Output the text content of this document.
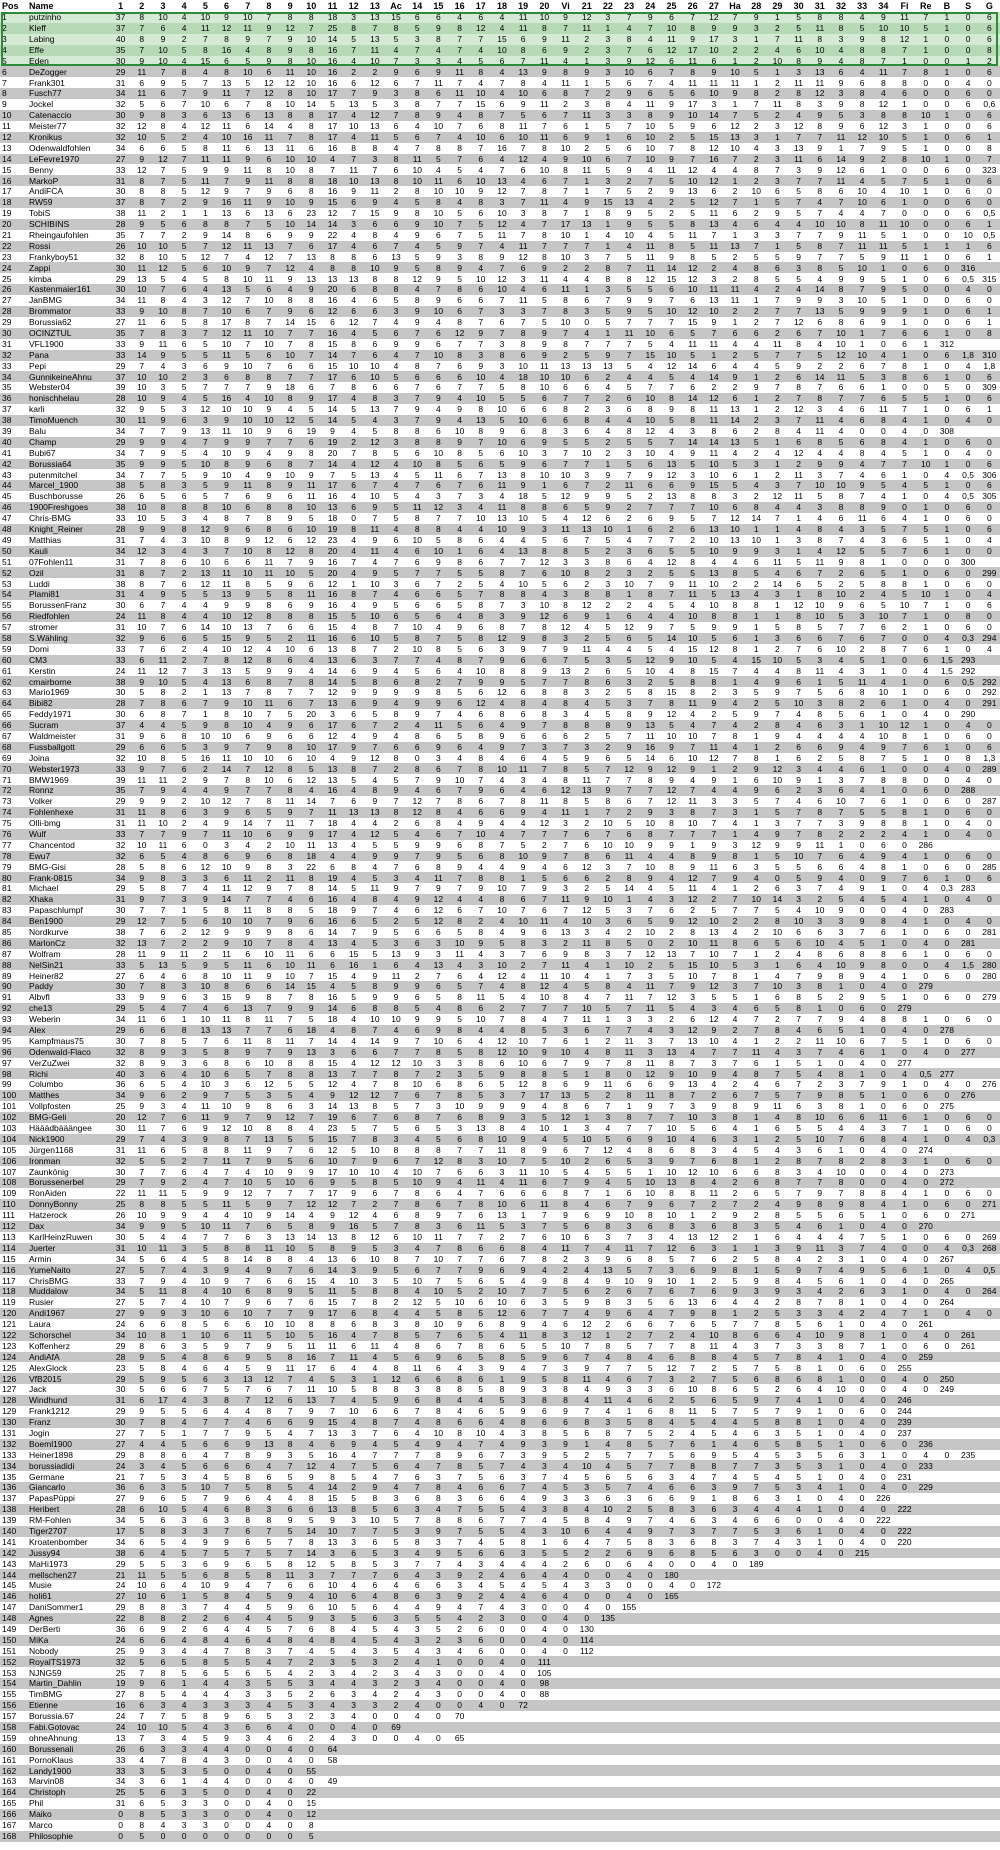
Pos	Name	1	2	3	4	5	6	7	8	9	10	11	12	13	Ac	14	15	16	17	18	19	20	Vi	21	22	23	24	25	26	27	Ha	28	29	30	31	32	33	34	Fi	Re	B	S	G
1	putzinho	37	8	10	4	10	9	10	7	8	8	18	3	13	15	6	6	4	6	4	11	10	9	12	3	7	9	6	7	12	7	9	1	5	8	8	4	9	11	7	1	0	6
2	Kleff	37	7	6	4	11	12	11	9	12	7	25	8	7	8	5	9	8	12	4	11	8	7	11	1	4	7	10	8	9	9	3	2	5	11	8	5	10	10	5	1	0	6
3	Labing	40	8	9	2	7	8	9	7	9	10	14	5	13	5	3	8	7	7	15	6	9	11	2	3	8	4	11	9	17	3	1	7	11	8	3	9	8	12	1	0	0	6
4	Effe	35	7	10	5	8	16	4	8	9	8	16	7	11	4	7	4	7	4	10	8	6	9	2	3	7	6	12	17	10	2	2	4	6	10	4	8	8	7	1	0	0	8
5	Eden	30	9	10	4	15	6	5	9	8	10	16	4	10	7	3	3	4	5	6	7	11	4	1	3	9	12	6	11	6	1	2	10	8	9	4	8	7	1	0	0	1	2
6	DeZogger	29	11	7	8	4	8	10	6	11	10	16	2	2	9	6	9	11	8	4	13	9	8	9	3	10	6	7	8	9	10	5	1	3	13	6	4	11	7	8	1	0	6
7	Frank301	31	6	9	5	7	13	5	12	12	10	16	6	12	6	7	11	7	4	7	8	4	11	1	5	6	7	4	11	11	11	1	2	11	11	9	6	8	8	0	0	4	0
8	Fusch77	34	11	6	7	9	11	7	12	8	10	17	7	9	3	8	6	11	10	4	10	6	8	7	2	9	6	5	6	10	9	8	2	8	12	3	8	4	6	0	0	6	0
9	Jockel	32	5	6	7	10	6	7	8	10	14	5	13	5	3	8	7	7	15	6	9	11	2	3	8	4	11	9	17	3	1	7	11	8	3	9	8	12	1	0	0	6	0,6
10	Catenaccio	30	9	8	3	6	13	6	13	8	8	17	4	12	7	8	9	4	8	7	5	6	7	11	3	3	8	9	10	14	7	5	2	4	9	5	3	8	8	10	1	0	6
11	Meister77	32	12	8	4	12	11	6	14	4	8	17	10	13	6	4	10	7	6	8	11	7	6	1	5	7	10	5	9	6	12	2	3	12	8	9	6	12	3	1	0	0	6
12	Kronikus	32	10	5	2	4	10	16	11	7	8	17	4	11	5	6	7	4	10	6	10	11	6	9	1	6	10	2	5	15	13	3	1	7	7	11	12	10	5	1	0	6	1
13	Odenwaldfohlen	34	6	6	5	8	11	6	13	11	6	16	8	8	4	7	8	8	7	16	7	8	10	2	5	6	10	7	8	12	10	4	3	13	9	1	7	9	5	1	0	0	8
14	LeFevre1970	27	9	12	7	11	11	9	6	10	10	4	7	3	8	11	5	7	6	4	12	4	9	10	6	7	10	9	7	16	7	2	3	11	6	14	9	2	8	10	1	0	7
15	Benny	33	12	7	5	9	9	11	8	10	8	7	11	7	6	10	4	5	4	7	6	10	8	11	5	9	4	11	12	4	4	8	7	3	9	12	6	1	0	0	6	0	323
16	MarkoP	31	8	7	5	11	7	9	11	8	8	18	10	13	8	10	11	6	10	13	4	6	7	1	3	2	7	5	10	12	1	2	3	7	7	11	4	5	7	5	1	0	6
17	AndiFCA	30	8	8	5	12	9	7	9	6	8	16	9	11	2	8	10	10	9	12	7	8	7	1	7	5	2	9	13	6	2	10	6	5	8	6	10	4	10	1	0	6	0
18	RW59	37	8	7	2	9	16	11	9	10	9	15	6	9	4	5	8	4	8	3	7	11	4	9	15	13	4	2	5	12	7	1	5	7	4	7	10	6	1	0	0	6	0
19	TobiS	38	11	2	1	1	13	6	13	6	23	12	7	15	9	8	10	5	6	10	3	8	7	1	8	9	5	2	5	11	6	2	9	5	7	4	4	7	0	0	0	6	0,5
20	SCHIBINS	28	9	5	6	8	8	7	5	10	14	14	3	6	6	9	10	7	5	12	4	7	17	13	1	9	5	5	8	13	4	6	4	4	10	10	8	11	10	0	0	6	1
21	Rheingaufohlen	35	7	7	2	9	14	8	6	9	9	22	4	8	4	9	6	7	5	11	7	8	10	1	4	10	4	5	11	7	1	3	3	7	7	9	11	5	1	0	0	10	0,5
22	Rossi	26	10	10	5	7	12	11	13	7	6	17	4	6	7	4	5	9	7	4	11	7	7	7	1	4	11	8	5	11	13	7	1	5	8	7	11	11	5	1	1	1	6
23	Frankyboy51	32	8	10	5	12	7	4	12	7	13	8	8	6	13	5	9	3	8	9	12	8	10	3	7	5	11	9	8	5	2	5	5	9	7	7	5	9	11	1	0	6	1
24	Zappi	30	11	12	5	6	10	9	7	12	4	8	8	10	9	5	8	9	4	7	6	9	2	2	8	7	11	14	12	2	4	8	6	3	8	5	10	1	0	6	0	316	
25	kimba	29	13	5	4	5	8	10	11	9	13	13	13	8	8	12	9	5	10	12	3	11	4	4	8	8	12	15	12	3	2	8	5	5	4	9	9	5	1	0	6	0,5	315
26	Kastenmaier161	30	10	7	6	4	13	5	6	4	9	20	6	8	8	4	7	8	6	10	4	6	11	1	3	5	5	6	10	11	11	4	2	4	14	8	7	9	5	0	0	4	0
27	JanBMG	34	11	8	4	3	12	7	10	8	8	16	4	6	5	8	9	6	6	7	11	5	8	6	7	9	9	7	6	13	11	1	7	9	9	3	10	5	1	0	0	6	0
28	Brommator	33	9	10	8	7	10	6	7	9	6	12	6	6	3	9	10	6	7	3	3	7	8	3	5	9	5	10	12	10	2	2	7	7	13	5	9	9	9	1	0	6	1
29	Borussia62	27	11	6	5	8	17	8	7	14	15	6	12	7	4	9	4	8	7	6	7	5	10	0	5	7	7	7	15	9	1	2	7	12	6	8	6	9	1	0	0	6	1
30	OCINZTUL	35	7	8	3	7	12	11	10	7	7	16	4	5	6	7	6	12	9	7	8	9	7	4	1	11	10	6	5	7	6	6	2	6	7	10	1	7	6	6	1	0	8
31	VFL1900	33	9	11	6	5	10	7	10	7	8	15	8	6	9	9	6	7	7	3	8	9	8	7	7	7	5	4	11	11	4	4	11	8	4	10	1	0	6	1	312		
32	Pana	33	14	9	5	5	11	5	6	10	7	14	7	6	4	7	10	8	3	8	6	9	2	5	9	7	15	10	5	1	2	5	7	7	5	12	10	4	1	0	6	1,8	310
33	Pepi	29	7	4	3	6	9	10	7	6	6	15	10	10	4	8	7	6	9	3	10	11	13	13	13	5	4	12	14	6	4	4	5	9	2	2	6	7	8	1	0	4	1,8
34	GunnikeineAhnu	37	10	10	2	3	6	8	8	7	7	17	6	10	5	6	6	6	10	4	18	10	10	6	2	4	4	5	4	14	9	1	2	6	14	11	5	3	8	6	1	0	6
35	Webster04	39	10	3	5	7	7	7	9	18	6	7	8	6	6	7	6	7	7	5	8	10	6	6	4	5	7	7	6	2	2	9	7	8	7	6	6	1	0	0	5	0	309
36	honischhelau	28	10	9	4	5	16	4	10	8	9	17	4	8	3	7	9	4	10	5	5	6	7	7	2	6	10	8	14	12	6	1	2	7	8	7	7	6	5	5	1	0	6
37	karli	32	9	5	3	12	10	10	9	4	5	14	5	13	7	9	4	9	8	10	6	6	8	2	3	6	8	9	8	11	13	1	2	12	3	4	6	11	7	1	0	6	1
38	TimoMuench	30	11	9	6	3	9	10	10	12	5	14	5	4	3	7	9	4	13	5	10	6	6	8	4	4	10	5	8	11	14	2	3	7	11	4	6	8	4	1	0	4	0
39	Balu	34	7	7	9	13	11	10	9	6	19	9	4	5	8	8	6	10	8	9	6	8	3	6	4	8	12	4	3	8	6	2	8	4	11	4	0	0	4	0	308		
40	Champ	29	9	9	4	7	9	9	7	7	6	19	2	12	3	8	8	9	7	10	6	9	5	5	2	5	5	7	14	14	13	5	1	6	8	5	6	8	4	1	0	6	0
41	Bubi67	34	7	9	5	4	10	9	4	9	8	20	7	8	5	6	10	8	5	6	10	3	7	10	2	3	10	4	9	11	4	2	4	12	4	4	8	4	5	1	0	4	0
42	Borussia64	35	9	9	5	10	8	9	6	8	7	14	4	12	4	10	8	5	6	5	9	6	7	7	1	5	6	13	5	10	5	3	1	2	9	9	4	7	7	10	1	0	6
43	putenmitchel	34	7	7	5	9	10	4	9	10	9	7	5	13	4	5	11	6	7	13	8	10	10	3	9	7	9	12	3	10	6	1	2	11	3	7	4	6	1	0	4	0,5	306
44	Marcel_1900	38	5	8	3	5	9	11	8	9	11	17	6	7	4	7	6	7	6	11	9	1	6	7	2	11	6	6	9	15	5	4	3	7	10	10	9	5	4	5	1	0	6
45	Buschborusse	26	6	5	6	5	7	6	9	6	11	16	4	10	5	4	3	7	3	4	18	5	12	9	9	5	2	13	8	8	3	2	12	11	5	8	7	4	1	0	4	0,5	305
46	1900Freshgoes	38	10	8	8	8	10	6	8	8	10	13	6	9	5	11	12	3	4	11	8	8	6	5	9	2	7	7	7	10	6	8	4	4	3	8	8	9	0	1	0	6	0
47	Chris-BMG	33	10	5	3	4	8	7	8	9	5	18	0	7	5	8	7	7	10	13	10	5	4	12	6	2	6	9	5	7	12	14	7	1	4	6	11	6	4	1	0	6	0
48	Knight_Reiner	28	9	9	8	12	9	6	8	6	10	19	8	11	4	8	8	4	4	10	9	3	11	13	10	1	6	2	6	13	10	1	1	4	8	4	3	5	7	5	1	0	6
49	Matthias	31	7	4	3	10	8	9	12	6	12	23	4	9	6	10	5	8	6	4	4	5	6	7	5	4	7	7	2	10	13	10	1	3	8	7	4	3	6	5	1	0	4
50	Kauli	34	12	3	4	3	7	10	8	12	8	20	4	11	4	6	10	1	6	4	13	8	8	5	2	3	6	5	5	10	9	9	3	1	4	12	5	5	7	6	1	0	0
51	07Fohlen11	31	7	8	6	10	6	6	11	7	9	16	7	4	7	6	9	8	6	7	7	12	3	3	8	6	4	12	8	4	4	6	11	5	11	9	8	1	0	0	0	300	
52	Ozil	31	8	7	2	13	11	10	11	10	5	20	4	9	5	7	7	5	5	8	7	6	10	8	2	3	2	5	5	13	8	5	4	6	7	2	6	5	1	0	6	0	299
53	Luddi	38	8	7	6	12	11	8	5	9	6	12	1	10	3	6	7	2	5	4	10	5	6	2	3	10	7	9	11	10	2	2	14	6	5	2	5	8	8	1	0	6	0
54	Plami81	31	4	9	5	5	13	9	5	8	11	16	8	7	4	6	6	5	7	8	8	4	3	8	8	1	8	7	11	5	13	4	3	1	8	10	2	4	5	10	1	0	4
55	BorussenFranz	30	6	7	4	4	9	9	8	6	9	16	4	9	5	6	6	5	8	7	3	10	8	12	2	2	4	5	4	10	8	8	1	12	10	9	6	5	10	7	1	0	6
56	Riedfohlen	24	11	8	4	4	10	12	8	8	8	15	5	10	6	5	6	4	8	3	9	12	6	9	1	6	4	4	10	8	8	1	1	8	10	5	3	10	7	1	0	8	0
57	stromer	31	10	7	6	14	10	13	7	6	6	15	4	8	7	10	4	9	6	8	7	8	12	4	5	12	9	7	5	9	9	1	5	8	5	7	7	6	2	1	0	6	0
58	S.Wähling	32	9	6	6	5	15	9	5	2	11	16	6	10	5	8	7	5	8	12	9	8	3	2	5	6	5	14	10	5	6	1	3	6	6	7	6	7	0	0	4	0,3	294
59	Domi	33	7	6	2	4	10	12	4	10	6	13	8	7	2	10	8	5	6	3	9	7	9	11	4	4	5	4	15	12	8	1	2	7	6	10	2	8	7	6	1	0	4
60	CM3	33	6	11	2	7	8	12	8	6	4	13	6	3	7	7	4	8	7	9	6	6	7	5	3	5	12	9	10	5	4	15	10	5	3	4	5	1	0	6	1,5	293	
61	Kerstin	24	11	12	7	3	13	5	9	9	4	14	6	9	4	5	6	4	10	8	8	9	13	2	6	5	10	4	8	15	7	4	4	8	11	4	3	1	0	4	1,5	292	
62	cmairborne	38	9	10	5	4	13	6	8	7	8	14	5	8	6	8	2	7	9	9	5	7	7	8	6	3	2	5	8	8	1	4	9	6	1	5	11	4	1	0	6	0,5	292
63	Mario1969	30	5	8	2	1	13	7	8	7	7	12	9	9	9	9	8	5	6	12	6	8	8	3	2	5	8	15	8	2	3	5	9	7	5	6	8	10	1	0	6	0	292
64	Bibi82	28	7	8	6	7	9	10	11	6	7	13	6	9	4	9	9	6	12	4	8	4	8	4	5	3	7	8	11	9	4	2	5	10	3	8	2	6	1	0	4	0	291
65	Feddy1971	30	6	8	7	1	8	10	7	5	20	3	6	5	8	9	7	4	6	8	6	8	3	4	5	8	9	12	4	2	5	9	7	4	8	5	6	1	0	4	0	290	
66	Sucram	37	4	4	5	9	8	10	4	9	6	17	6	7	2	4	11	5	6	4	9	7	8	8	8	9	13	5	4	7	4	2	8	4	6	3	1	10	12	1	0	4	0
67	Waldmeister	31	9	6	8	10	10	6	9	6	6	12	4	9	4	8	6	5	8	9	6	6	6	2	5	7	11	10	10	7	8	1	9	4	4	4	4	10	8	1	0	6	0
68	Fussballgott	29	6	6	5	3	9	7	9	8	10	17	9	7	6	6	9	6	4	9	7	3	7	3	2	9	16	9	7	11	4	1	2	6	6	9	4	9	7	6	1	0	6
69	Joina	32	10	8	5	16	11	10	10	6	10	4	9	12	8	0	3	4	8	4	6	4	5	9	6	5	14	6	10	12	7	8	1	6	2	5	8	7	5	1	0	8	1,3
70	Webster1973	33	9	7	6	2	14	7	12	8	5	13	8	7	2	8	6	7	8	10	11	7	8	5	7	12	9	12	9	1	2	9	12	3	4	4	6	1	0	0	4	0	289
71	BMW1969	39	11	11	2	9	7	8	10	6	12	13	5	4	5	7	9	10	7	4	3	4	8	11	7	7	8	9	4	9	1	6	10	9	1	3	7	8	8	0	0	4	0
72	Ronnz	35	7	9	4	4	9	7	7	8	4	16	4	8	9	4	6	7	9	6	4	6	12	13	9	7	7	12	7	4	4	9	6	2	3	6	4	1	0	6	0	288	
73	Volker	29	9	9	2	10	12	7	8	11	14	7	6	9	7	12	7	8	6	7	8	11	8	5	8	6	7	12	11	3	3	5	7	4	6	10	7	6	1	0	6	0	287
74	Fohlenhexe	31	11	8	6	3	9	6	5	9	7	11	13	13	8	12	8	4	6	6	9	4	11	1	7	2	9	3	8	7	3	1	5	7	8	7	5	5	8	1	0	6	0
75	Olli-bmg	31	11	10	2	4	9	14	7	11	7	18	4	4	2	6	8	4	9	4	4	12	3	2	10	5	10	8	10	7	4	1	3	7	7	3	9	8	8	1	0	4	0
76	Wulf	33	7	7	9	7	11	10	6	9	9	17	4	12	5	4	6	7	10	4	7	7	7	6	7	6	8	7	7	7	1	4	9	7	8	2	2	2	4	1	0	4	0
77	Chancentod	32	10	11	6	0	3	4	2	10	11	13	4	5	5	9	9	6	8	7	5	2	7	6	10	10	9	9	1	9	3	12	9	9	11	1	0	6	0	286			
78	Ewu7	32	6	5	4	8	6	9	6	8	18	4	4	9	9	7	9	5	6	8	10	9	7	8	6	11	4	4	8	9	8	1	5	10	7	6	4	9	4	1	0	6	0
79	BMG-Gisi	28	5	8	6	12	10	9	8	3	22	6	8	4	7	6	8	9	4	4	9	4	6	12	3	7	10	8	9	11	6	3	5	5	6	6	4	8	1	0	6	0	285
80	Frank-0815	34	9	8	3	3	6	11	2	11	8	19	4	5	3	4	11	7	8	8	1	5	6	6	2	8	9	4	12	7	9	4	0	5	9	4	0	9	7	6	1	0	6
81	Michael	29	5	8	7	4	11	12	9	7	8	14	5	11	9	7	9	7	9	10	7	9	3	2	5	14	4	5	11	4	1	2	6	3	7	4	9	1	0	4	0,3	283	
82	Xhaka	31	9	7	3	9	14	7	7	4	6	16	4	8	4	9	12	4	4	8	6	7	11	9	10	1	4	3	12	2	7	10	14	3	2	5	4	5	4	1	0	4	0
83	Papaschlumpf	30	7	7	1	5	8	11	8	8	5	18	9	7	4	6	12	6	7	10	7	6	7	12	5	3	7	6	2	5	7	7	5	4	10	9	0	0	4	0	283		
84	Ben1900	29	12	7	5	6	10	10	7	9	6	16	6	5	2	5	12	8	2	4	10	11	4	10	3	6	5	9	12	10	2	2	8	10	3	3	9	8	4	1	0	4	0
85	Nordkurve	38	7	6	2	12	9	9	9	8	6	14	7	9	5	6	6	5	8	4	9	6	13	3	4	2	10	2	8	13	4	2	10	6	6	3	7	6	1	0	6	0	281
86	MarlonCz	32	13	7	2	2	9	10	7	8	4	13	4	5	3	6	3	10	9	5	8	3	2	11	8	5	0	2	10	11	8	6	5	6	10	4	5	1	0	4	0	281	
87	Wolfram	28	11	9	11	2	11	6	10	11	6	6	15	5	13	9	3	11	4	3	7	6	9	8	3	7	12	13	7	10	7	1	2	4	8	6	8	8	6	1	0	6	0
88	NelSin21	33	5	13	5	9	5	11	6	10	11	6	16	1	6	4	13	4	3	10	2	7	11	4	1	10	2	5	15	10	5	3	1	6	4	10	9	8	0	0	4	1,5	280
89	Heiner82	27	6	4	6	8	10	11	9	10	7	15	4	9	11	2	7	6	4	12	4	11	10	4	1	7	3	5	10	7	8	1	4	7	9	8	9	4	1	0	6	0	280
90	Paddy	30	7	8	3	10	8	6	6	14	15	4	5	8	9	9	6	5	7	4	8	12	4	5	8	4	11	7	9	12	3	7	10	3	8	1	0	4	0	279			
91	Albvfl	33	9	9	6	3	15	9	8	7	8	16	5	9	9	6	5	8	11	5	4	10	8	4	7	11	7	12	3	5	5	1	6	8	5	2	9	5	1	0	6	0	279
92	che13	29	5	4	7	4	6	13	7	9	9	14	6	8	8	5	4	8	6	2	7	7	7	10	5	7	11	5	4	3	4	6	5	8	1	0	6	0	279				
93	Weberin	34	11	6	1	10	11	8	11	7	5	18	4	10	10	9	9	5	10	7	8	4	7	11	1	3	3	2	6	12	4	7	2	7	7	9	4	8	8	1	0	6	0
94	Alex	29	6	6	8	13	13	7	7	6	18	4	8	7	4	6	9	8	4	4	8	5	3	6	7	7	4	3	12	9	2	7	8	4	6	5	1	0	4	0	278		
95	Kampfmaus75	30	7	8	5	7	6	11	8	11	7	14	4	14	9	7	10	6	4	12	10	7	6	1	2	11	3	7	13	10	4	1	2	2	11	10	6	7	5	1	0	6	0
96	Odenwald-Flaco	32	8	9	3	5	8	9	7	9	13	3	6	6	7	7	8	5	8	12	10	9	10	4	8	11	3	13	4	7	7	11	4	3	7	4	6	1	0	4	0	277	
97	VerZuZwei	32	8	9	3	6	8	6	10	8	8	15	4	12	12	10	3	3	8	6	10	6	7	9	7	8	11	8	7	3	7	6	1	5	1	0	4	0	277				
98	Richi	40	3	6	4	10	6	5	7	8	8	13	7	7	8	7	2	3	5	9	8	8	5	1	8	0	12	9	10	9	4	8	7	5	4	8	1	0	4	0,5	277		
99	Columbo	36	6	5	4	10	3	6	12	5	5	12	4	7	8	10	6	8	6	5	12	8	6	9	11	6	6	9	13	4	2	4	6	7	2	3	7	9	1	0	4	0	276
100	Matthes	34	9	6	2	9	7	5	3	5	4	9	12	12	7	6	7	8	5	3	7	17	13	5	2	8	11	8	7	2	6	7	5	7	9	8	5	1	0	6	0	276	
101	Vollpfosten	25	9	3	4	11	10	9	8	6	3	14	13	8	5	7	3	10	9	9	9	4	8	6	7	1	9	7	3	9	8	9	11	6	3	8	1	0	6	0	275		
102	BMG-Geli	20	12	7	6	11	9	7	9	12	7	19	6	7	6	8	7	6	8	9	3	5	12	1	3	8	7	7	10	3	8	1	4	8	10	6	6	11	6	1	0	6	0
103	Hääädbääängee	30	11	7	6	9	12	10	8	8	4	23	5	7	5	6	5	3	13	8	4	10	1	3	4	7	7	10	5	6	4	1	6	5	5	4	4	3	7	1	0	6	0
104	Nick1900	29	7	4	3	9	8	7	13	5	5	15	7	8	3	4	5	6	8	10	9	4	5	10	5	6	9	10	4	6	3	1	2	5	10	7	6	8	4	1	0	4	0,3
105	Jürgen1168	31	11	6	5	8	8	11	9	7	6	12	5	10	8	8	8	7	7	11	8	9	6	7	12	4	8	6	8	3	4	5	4	3	6	1	0	4	0	274			
106	Ironman	32	5	5	2	7	11	7	9	5	6	10	7	9	6	7	12	8	3	10	7	5	10	2	6	5	3	9	7	6	8	1	2	8	7	8	2	8	3	1	0	6	0
107	Zaunkönig	30	7	7	6	4	7	4	10	9	9	17	10	10	4	10	7	6	6	3	11	10	5	4	5	5	1	10	12	10	6	6	8	3	4	10	0	0	4	0	273		
108	Borussenerbel	29	7	9	2	4	7	10	5	10	6	9	5	8	5	10	9	4	11	4	11	6	7	9	4	5	10	13	8	4	2	6	8	7	7	8	0	0	4	0	272		
109	RonAiden	22	11	11	5	9	9	12	7	7	7	17	9	6	7	8	6	4	7	6	6	6	8	7	1	6	10	8	8	11	2	6	5	7	9	7	8	8	4	1	0	6	0
110	DonnyBonny	25	8	8	5	5	11	5	9	7	12	12	7	2	7	8	6	7	8	10	6	11	8	4	6	7	9	6	7	2	7	2	4	9	8	9	8	4	1	0	6	0	271
111	Hatzerock	26	10	9	9	4	4	10	9	14	4	9	12	4	6	8	9	7	6	13	1	7	9	6	9	10	8	10	1	2	9	2	8	5	5	6	5	1	0	6	0	271	
112	Dax	34	9	9	5	10	11	7	6	5	8	9	16	5	7	8	3	6	11	5	3	7	5	6	8	3	6	8	3	6	8	3	5	4	6	1	0	4	0	270			
113	KarlHeinzRuwen	30	5	4	4	7	7	6	3	13	14	13	8	12	6	10	11	7	7	2	7	6	10	6	3	7	3	4	13	12	2	1	6	4	4	4	7	5	1	0	6	0	269
114	Juerter	31	10	11	3	5	8	8	11	10	5	8	9	5	3	4	7	8	6	6	8	4	11	7	4	11	7	12	6	3	1	1	3	9	11	3	7	4	0	0	4	0,3	268
115	Armin	34	5	6	4	5	8	14	8	8	4	13	6	10	8	7	10	7	7	6	7	8	2	3	9	6	8	5	7	6	2	5	8	4	2	3	1	0	4	0	267		
116	YumeNaito	27	5	7	4	3	9	4	9	7	6	14	3	9	5	6	7	7	9	6	9	4	2	4	13	5	7	3	6	9	8	1	5	9	7	4	9	5	6	1	0	4	0,5
117	ChrisBMG	33	7	9	4	10	9	7	6	6	15	4	10	3	5	10	7	5	6	5	4	9	8	4	9	10	9	10	1	2	5	9	8	4	5	6	1	0	4	0	265		
118	Muddalow	34	5	11	8	4	10	6	8	9	5	11	5	8	8	4	10	5	2	10	7	7	5	6	2	6	7	6	7	6	9	3	9	3	4	2	6	3	1	0	4	0	264
119	Rusier	27	5	7	4	10	7	9	6	7	6	15	7	8	2	12	5	10	6	10	6	3	5	9	8	3	5	6	13	6	4	4	2	8	7	8	1	0	4	0	264		
120	Andi1967	27	9	9	3	10	6	10	7	7	9	17	6	8	4	4	5	8	5	12	6	7	7	4	9	6	4	7	9	8	1	2	5	3	3	4	2	4	7	1	0	4	0
121	Laura	24	6	6	8	5	6	6	10	10	8	8	6	8	3	8	10	9	6	8	9	4	6	12	2	6	6	7	6	5	7	7	8	5	6	1	0	4	0	261			
122	Schorschel	34	10	8	1	10	6	11	5	10	5	16	4	7	8	5	7	6	5	4	11	8	3	12	1	2	7	2	4	10	8	6	6	4	10	9	8	1	0	4	0	261	
123	Koffenherz	29	8	6	3	5	9	7	9	5	11	11	6	11	4	8	6	7	8	6	5	5	10	7	8	5	7	7	8	11	4	3	7	3	3	8	7	1	0	6	0	261	
124	AndiAfA	28	9	5	4	8	6	9	5	8	16	7	11	4	5	6	9	6	5	8	5	9	6	7	4	8	4	6	8	8	4	5	7	8	4	1	0	4	0	259			
125	AlexGlock	23	5	8	4	6	4	5	9	11	17	6	4	4	8	11	6	4	3	9	4	7	3	9	7	7	5	12	7	2	5	7	5	8	1	0	6	0	255				
126	VfB2015	29	5	9	5	6	3	13	12	7	4	5	3	1	12	6	6	8	6	1	9	5	8	11	4	6	7	3	2	7	5	6	8	6	8	1	0	0	4	0	250		
127	Jack	30	5	6	6	7	5	7	6	7	11	10	5	8	8	3	8	8	5	8	9	3	8	4	9	3	3	6	10	8	6	5	2	6	4	10	0	0	4	0	249		
128	Windhund	31	6	17	4	3	8	7	12	6	13	7	4	5	9	6	8	4	4	5	3	8	8	4	11	4	6	2	5	6	5	9	7	4	1	0	4	0	246				
129	Frank1212	29	9	5	5	6	4	4	8	7	9	7	10	6	6	7	8	4	6	5	9	6	9	7	4	1	6	8	11	5	7	5	7	9	1	0	6	0	244				
130	Franz	30	7	8	4	7	7	4	6	6	9	15	4	8	7	4	8	6	6	4	8	6	6	8	3	5	8	4	5	4	4	5	8	8	1	0	4	0	239				
131	Jogin	27	7	5	1	7	7	9	5	4	7	13	3	7	6	4	10	8	10	4	3	8	5	6	8	7	5	2	4	5	4	6	3	5	1	0	4	0	237				
132	Boeml1900	27	4	4	5	6	6	9	13	8	4	6	9	4	5	4	9	4	7	4	9	3	9	1	4	8	5	7	6	1	4	6	5	8	5	1	0	6	0	236			
133	Heiner1898	29	8	8	6	4	7	8	9	3	5	16	4	7	7	7	8	9	6	7	3	9	5	2	5	7	7	5	6	9	5	4	5	3	5	6	3	1	0	4	0	235	
134	borussiadidi	24	3	4	5	6	6	6	4	7	12	4	7	5	6	4	7	8	5	7	4	3	4	10	4	5	7	7	8	8	7	7	3	5	3	1	0	4	0	233			
135	Germane	21	7	5	3	4	5	8	6	5	9	8	5	4	7	6	3	7	5	6	3	7	4	5	6	5	6	3	4	7	4	5	4	5	1	0	4	0	231				
136	Giancarlo	36	6	3	5	10	7	5	8	5	4	14	2	9	4	7	8	4	6	6	7	4	5	3	5	7	4	6	6	3	9	7	5	3	4	1	0	4	0	229			
137	PapasPüppi	27	9	6	5	7	9	6	4	4	8	15	5	8	3	6	8	3	6	6	4	9	3	3	6	3	6	6	9	1	8	6	3	1	0	4	0	226					
138	Heribert	28	6	10	5	4	6	8	3	6	6	13	8	5	6	3	4	7	5	5	4	3	8	4	10	2	5	8	3	6	3	4	4	4	1	0	4	0	222				
139	RM-Fohlen	34	5	6	3	6	3	8	8	9	5	9	3	10	5	7	8	8	6	7	7	4	5	8	4	9	7	4	6	3	4	6	6	0	0	4	0	222					
140	Tiger2707	17	5	8	3	3	7	6	7	5	14	10	7	7	5	3	9	7	5	5	4	3	10	6	4	4	9	7	3	7	7	5	3	6	1	0	4	0	222				
141	Kroatenbomber	34	6	5	4	9	9	6	5	7	8	13	3	6	5	8	3	7	4	5	8	1	6	4	7	5	8	3	6	8	3	7	4	3	1	0	4	0	220				
142	Jussy94	38	6	4	5	7	5	7	5	7	14	3	6	5	3	4	9	5	6	6	3	5	5	2	2	6	9	6	8	5	6	3	0	0	4	0	215						
143	MaHi1973	29	5	5	3	6	9	6	5	8	12	5	8	5	3	7	7	4	3	4	4	4	2	6	0	6	4	0	0	4	0	189											
144	mellschen27	21	11	5	5	6	8	5	8	11	3	7	7	7	6	4	3	9	2	4	6	4	4	0	0	4	0	180															
145	Musie	24	10	6	4	10	9	4	7	6	6	10	4	6	4	6	6	3	4	5	4	5	4	3	3	0	0	4	0	172													
146	holi61	27	10	6	1	5	8	4	5	9	4	10	6	4	8	6	3	9	2	4	4	6	4	0	0	4	0	165															
147	DaniSommer1	29	8	8	3	7	4	4	5	9	6	10	5	6	4	4	9	4	7	4	3	0	0	4	0	155																	
148	Agnes	22	8	8	2	2	6	4	4	5	9	3	5	6	3	5	5	4	2	3	0	0	4	0	135																		
149	DerBerti	36	6	9	2	6	4	4	5	7	6	8	4	5	4	3	5	2	6	0	0	4	0	130																			
150	MiKa	24	6	6	4	8	4	6	4	8	4	8	4	5	4	3	2	3	6	0	0	4	0	114																			
151	Nobody	25	9	3	4	4	7	8	3	7	4	5	4	3	5	4	3	4	6	0	0	4	0	112																			
152	RoyalTS1973	32	5	6	5	8	5	5	4	7	2	3	5	3	2	4	1	0	0	4	0	111																					
153	NJNG59	25	7	8	5	6	5	6	5	4	2	3	4	2	3	4	3	0	0	4	0	105																					
154	Martin_Dahlin	19	9	6	1	4	4	3	5	5	3	4	4	3	2	3	4	0	0	4	0	98																					
155	TimBMG	27	8	5	4	4	4	3	3	5	2	6	3	4	2	4	3	0	0	4	0	88																					
156	Etienne	16	6	3	4	3	3	3	4	5	3	4	3	3	2	4	0	0	4	0	72																						
157	Borussia.67	24	7	7	5	8	9	6	5	3	2	3	4	0	0	4	0	70																									
158	Fabi.Gotovac	24	10	10	5	4	3	6	6	4	0	0	4	0	69																												
159	ohneAhnung	13	7	3	4	5	9	3	4	6	2	4	3	0	0	4	0	65																									
160	Borussenali	26	6	3	3	4	4	0	0	4	0	64																															
161	PornoKlaus	33	4	7	8	4	3	0	0	4	0	58																															
162	Landy1900	33	3	5	3	5	0	0	4	0	55																																
163	Marvin08	34	3	6	1	4	4	0	0	4	0	49																															
164	Christoph	25	5	6	3	5	0	0	4	0	22																																
165	Phil	31	6	5	3	3	0	0	4	0	15																																
166	Maiko	0	8	5	3	3	0	0	4	0	12																																
167	Marco	0	8	4	3	3	0	0	4	0	8																																
168	Philosophie	0	5	0	0	0	0	0	0	0	5																																
